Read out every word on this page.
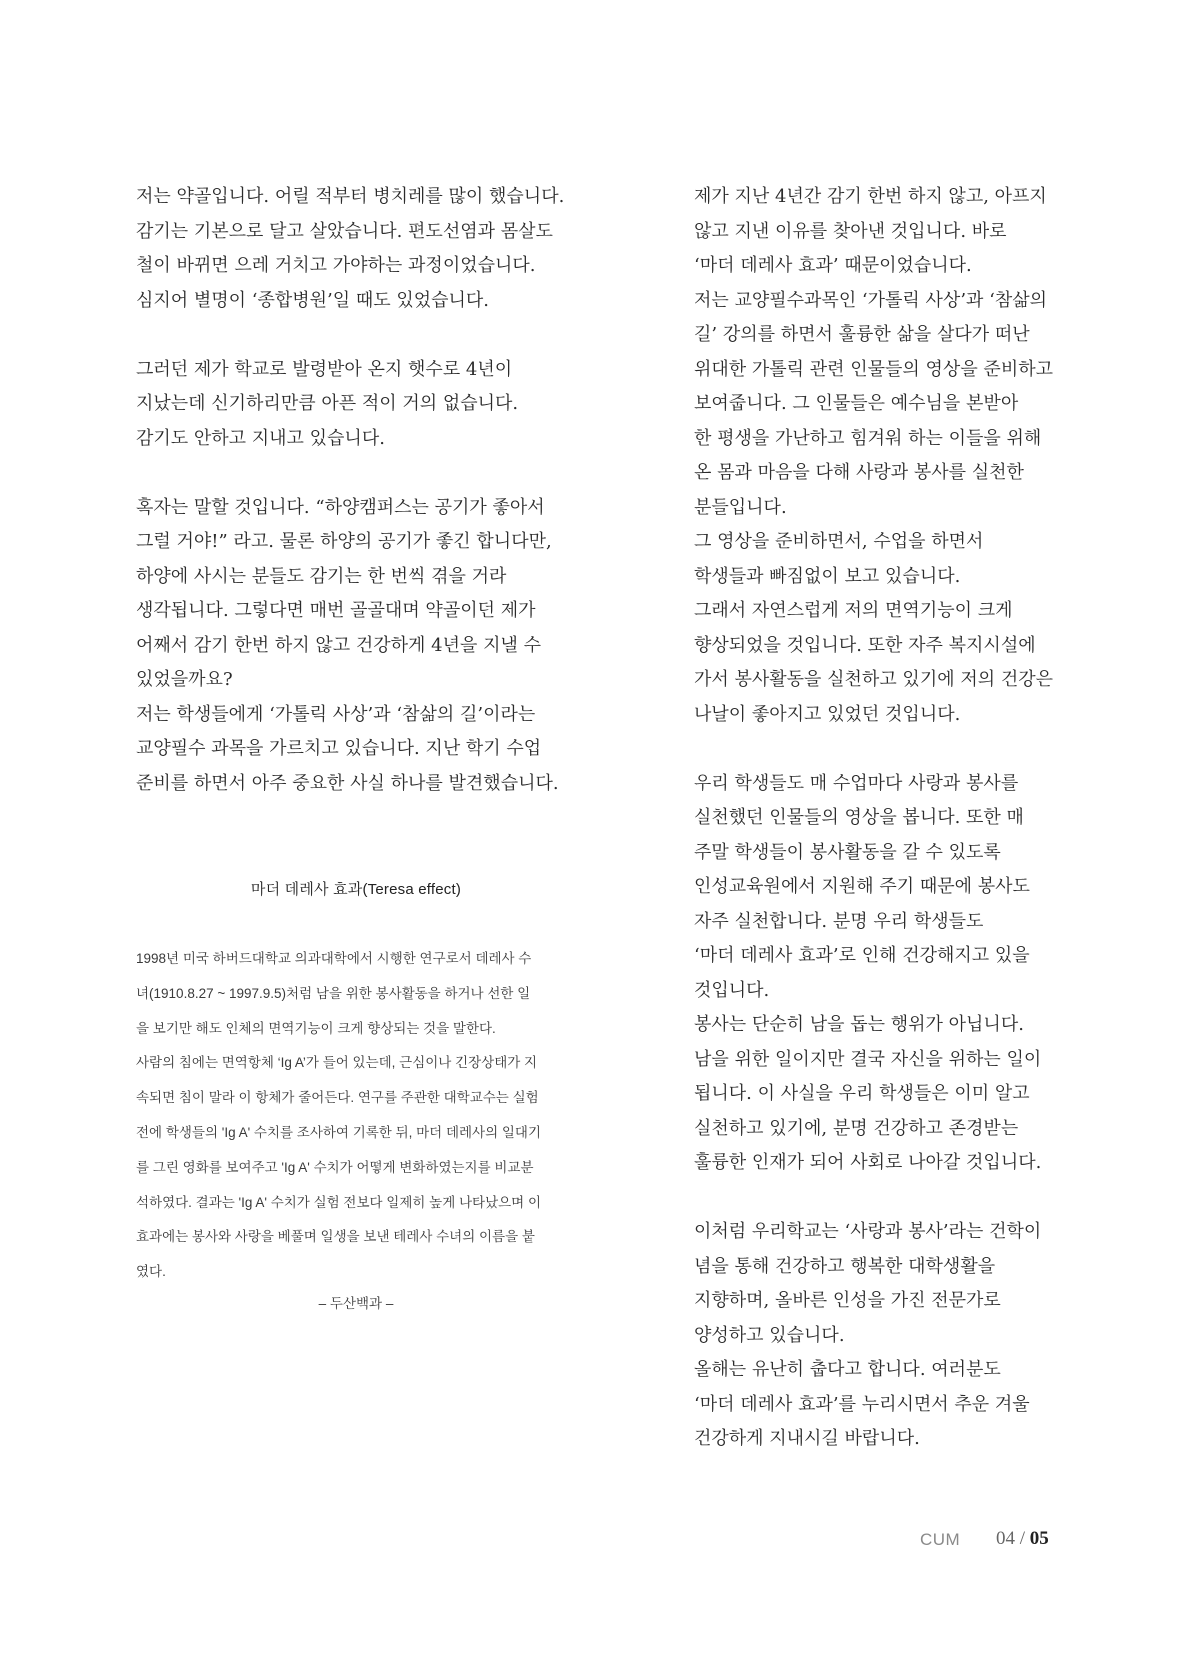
저는 약골입니다. 어릴 적부터 병치레를 많이 했습니다.
감기는 기본으로 달고 살았습니다. 편도선염과 몸살도
철이 바뀌면 으레 거치고 가야하는 과정이었습니다.
심지어 별명이 ‘종합병원’일 때도 있었습니다.
그러던 제가 학교로 발령받아 온지 햇수로 4년이
지났는데 신기하리만큼 아픈 적이 거의 없습니다.
감기도 안하고 지내고 있습니다.
혹자는 말할 것입니다. “하양캠퍼스는 공기가 좋아서
그럴 거야!” 라고. 물론 하양의 공기가 좋긴 합니다만,
하양에 사시는 분들도 감기는 한 번씩 겪을 거라
생각됩니다. 그렇다면 매번 골골대며 약골이던 제가
어째서 감기 한번 하지 않고 건강하게 4년을 지낼 수
있었을까요?
저는 학생들에게 ‘가톨릭 사상’과 ‘참삶의 길’이라는
교양필수 과목을 가르치고 있습니다. 지난 학기 수업
준비를 하면서 아주 중요한 사실 하나를 발견했습니다.
마더 데레사 효과(Teresa effect)
1998년 미국 하버드대학교 의과대학에서 시행한 연구로서 데레사 수
녀(1910.8.27 ~ 1997.9.5)처럼 남을 위한 봉사활동을 하거나 선한 일
을 보기만 해도 인체의 면역기능이 크게 향상되는 것을 말한다.
사람의 침에는 면역항체 ‘Ig A’가 들어 있는데, 근심이나 긴장상태가 지
속되면 침이 말라 이 항체가 줄어든다. 연구를 주관한 대학교수는 실험
전에 학생들의 'Ig A' 수치를 조사하여 기록한 뒤, 마더 데레사의 일대기
를 그린 영화를 보여주고 'Ig A' 수치가 어떻게 변화하였는지를 비교분
석하였다. 결과는 'Ig A' 수치가 실험 전보다 일제히 높게 나타났으며 이
효과에는 봉사와 사랑을 베풀며 일생을 보낸 테레사 수녀의 이름을 붙
였다.
– 두산백과 –
제가 지난 4년간 감기 한번 하지 않고, 아프지
않고 지낸 이유를 찾아낸 것입니다. 바로
‘마더 데레사 효과’ 때문이었습니다.
저는 교양필수과목인 ‘가톨릭 사상’과 ‘참삶의
길’ 강의를 하면서 훌륭한 삶을 살다가 떠난
위대한 가톨릭 관련 인물들의 영상을 준비하고
보여줍니다. 그 인물들은 예수님을 본받아
한 평생을 가난하고 힘겨워 하는 이들을 위해
온 몸과 마음을 다해 사랑과 봉사를 실천한
분들입니다.
그 영상을 준비하면서, 수업을 하면서
학생들과 빠짐없이 보고 있습니다.
그래서 자연스럽게 저의 면역기능이 크게
향상되었을 것입니다. 또한 자주 복지시설에
가서 봉사활동을 실천하고 있기에 저의 건강은
나날이 좋아지고 있었던 것입니다.
우리 학생들도 매 수업마다 사랑과 봉사를
실천했던 인물들의 영상을 봅니다. 또한 매
주말 학생들이 봉사활동을 갈 수 있도록
인성교육원에서 지원해 주기 때문에 봉사도
자주 실천합니다. 분명 우리 학생들도
‘마더 데레사 효과’로 인해 건강해지고 있을
것입니다.
봉사는 단순히 남을 돕는 행위가 아닙니다.
남을 위한 일이지만 결국 자신을 위하는 일이
됩니다. 이 사실을 우리 학생들은 이미 알고
실천하고 있기에, 분명 건강하고 존경받는
훌륭한 인재가 되어 사회로 나아갈 것입니다.
이처럼 우리학교는 ‘사랑과 봉사’라는 건학이
념을 통해 건강하고 행복한 대학생활을
지향하며, 올바른 인성을 가진 전문가로
양성하고 있습니다.
올해는 유난히 춥다고 합니다. 여러분도
‘마더 데레사 효과’를 누리시면서 추운 겨울
건강하게 지내시길 바랍니다.
CUM 04 / 05
